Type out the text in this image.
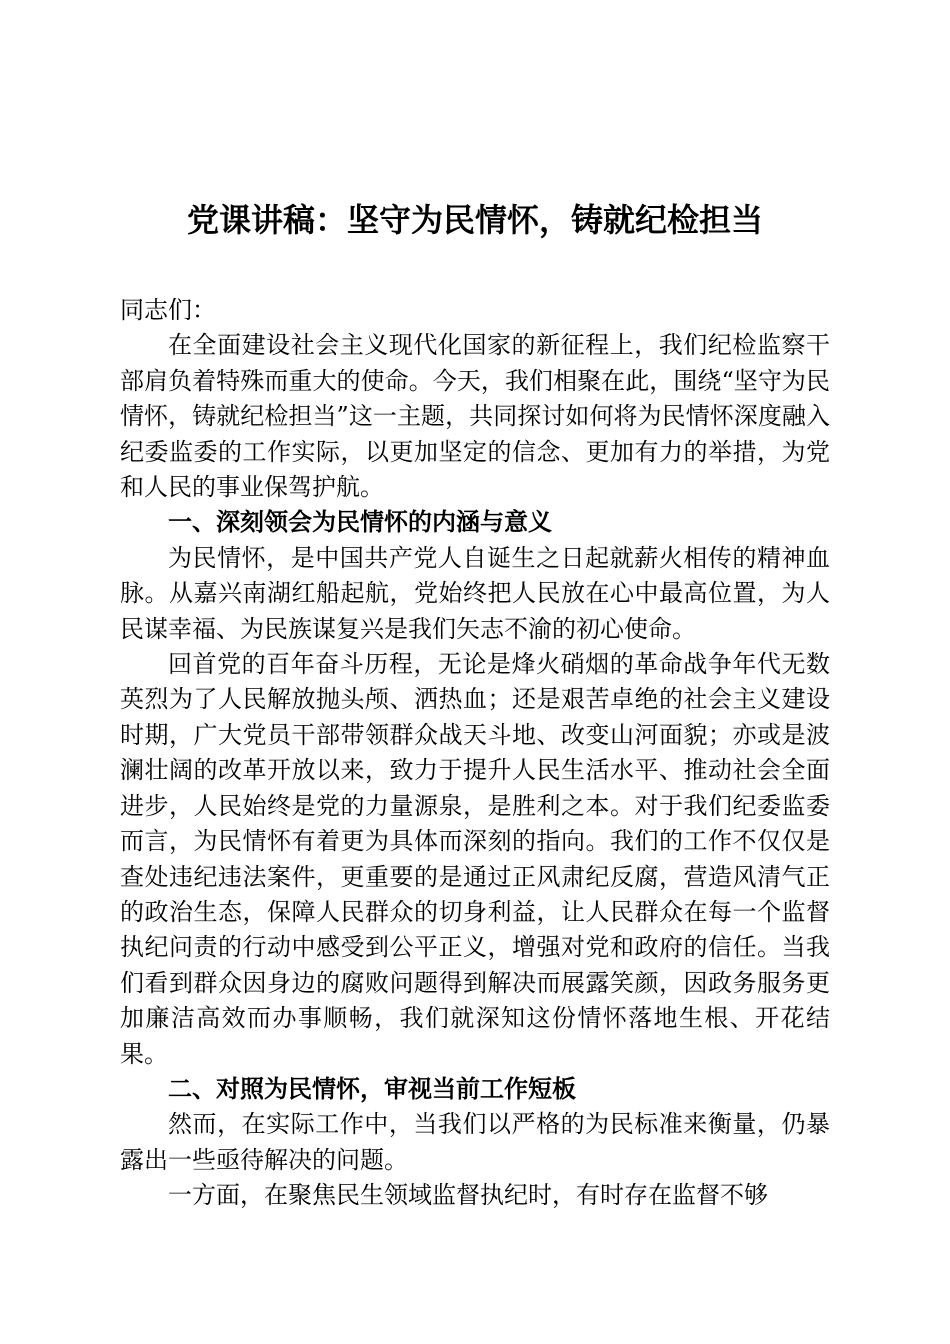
党课讲稿：坚守为民情怀，铸就纪检担当

同志们：

在全面建设社会主义现代化国家的新征程上，我们纪检监察干部肩负着特殊而重大的使命。今天，我们相聚在此，围绕“坚守为民情怀，铸就纪检担当”这一主题，共同探讨如何将为民情怀深度融入纪委监委的工作实际，以更加坚定的信念、更加有力的举措，为党和人民的事业保驾护航。

一、深刻领会为民情怀的内涵与意义

为民情怀，是中国共产党人自诞生之日起就薪火相传的精神血脉。从嘉兴南湖红船起航，党始终把人民放在心中最高位置，为人民谋幸福、为民族谋复兴是我们矢志不渝的初心使命。

回首党的百年奋斗历程，无论是烽火硝烟的革命战争年代无数英烈为了人民解放抛头颅、洒热血；还是艰苦卓绝的社会主义建设时期，广大党员干部带领群众战天斗地、改变山河面貌；亦或是波澜壮阔的改革开放以来，致力于提升人民生活水平、推动社会全面进步，人民始终是党的力量源泉，是胜利之本。对于我们纪委监委而言，为民情怀有着更为具体而深刻的指向。我们的工作不仅仅是查处违纪违法案件，更重要的是通过正风肃纪反腐，营造风清气正的政治生态，保障人民群众的切身利益，让人民群众在每一个监督执纪问责的行动中感受到公平正义，增强对党和政府的信任。当我们看到群众因身边的腐败问题得到解决而展露笑颜，因政务服务更加廉洁高效而办事顺畅，我们就深知这份情怀落地生根、开花结果。

二、对照为民情怀，审视当前工作短板

然而，在实际工作中，当我们以严格的为民标准来衡量，仍暴露出一些亟待解决的问题。

一方面，在聚焦民生领域监督执纪时，有时存在监督不够
